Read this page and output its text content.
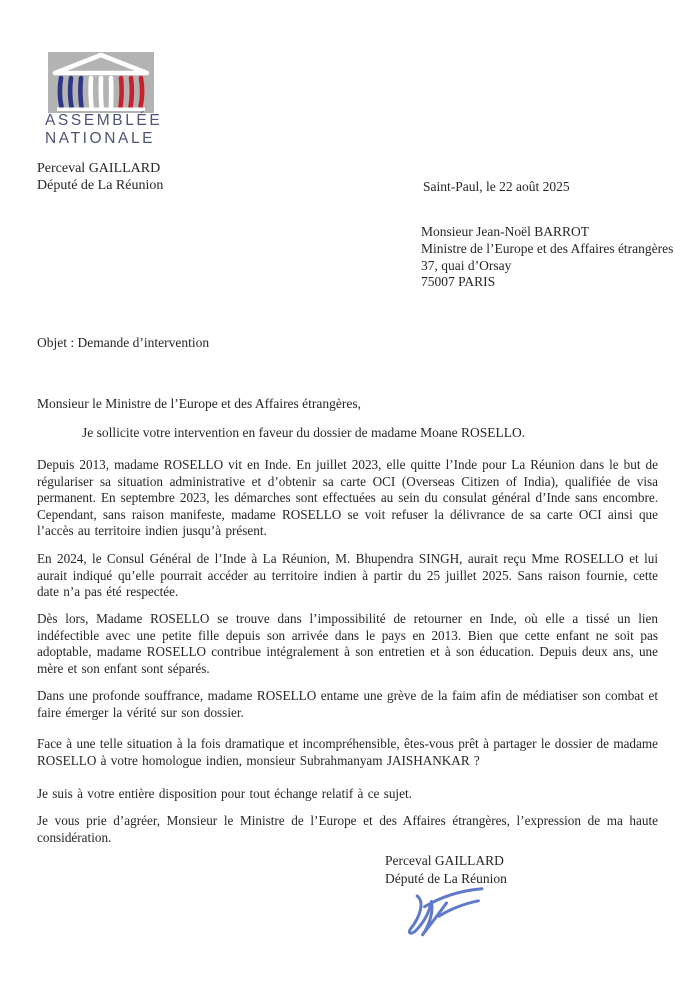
ASSEMBLÉE
NATIONALE
Perceval GAILLARD
Député de La Réunion	Saint-Paul, le 22 août 2025
Monsieur Jean-Noël BARROT
Ministre de l’Europe et des Affaires étrangères
37, quai d’Orsay
75007 PARIS
Objet : Demande d’intervention
Monsieur le Ministre de l’Europe et des Affaires étrangères,
Je sollicite votre intervention en faveur du dossier de madame Moane ROSELLO.
Depuis 2013, madame ROSELLO vit en Inde. En juillet 2023, elle quitte l’Inde pour La Réunion dans le but de régulariser sa situation administrative et d’obtenir sa carte OCI (Overseas Citizen of India), qualifiée de visa permanent. En septembre 2023, les démarches sont effectuées au sein du consulat général d’Inde sans encombre. Cependant, sans raison manifeste, madame ROSELLO se voit refuser la délivrance de sa carte OCI ainsi que l’accès au territoire indien jusqu’à présent.
En 2024, le Consul Général de l’Inde à La Réunion, M. Bhupendra SINGH, aurait reçu Mme ROSELLO et lui aurait indiqué qu’elle pourrait accéder au territoire indien à partir du 25 juillet 2025. Sans raison fournie, cette date n’a pas été respectée.
Dès lors, Madame ROSELLO se trouve dans l’impossibilité de retourner en Inde, où elle a tissé un lien indéfectible avec une petite fille depuis son arrivée dans le pays en 2013. Bien que cette enfant ne soit pas adoptable, madame ROSELLO contribue intégralement à son entretien et à son éducation. Depuis deux ans, une mère et son enfant sont séparés.
Dans une profonde souffrance, madame ROSELLO entame une grève de la faim afin de médiatiser son combat et faire émerger la vérité sur son dossier.
Face à une telle situation à la fois dramatique et incompréhensible, êtes-vous prêt à partager le dossier de madame ROSELLO à votre homologue indien, monsieur Subrahmanyam JAISHANKAR ?
Je suis à votre entière disposition pour tout échange relatif à ce sujet.
Je vous prie d’agréer, Monsieur le Ministre de l’Europe et des Affaires étrangères, l’expression de ma haute considération.
Perceval GAILLARD
Député de La Réunion
